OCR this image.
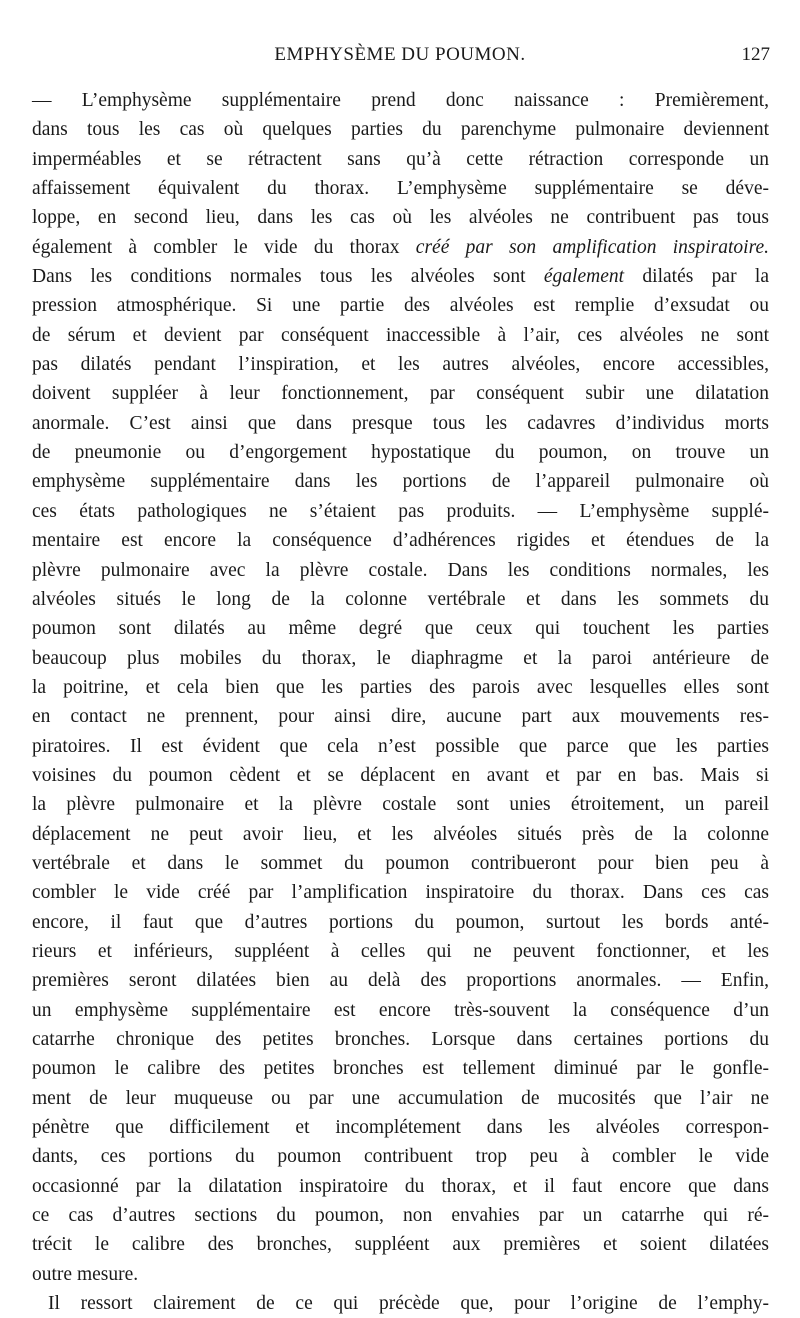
EMPHYSÈME DU POUMON.	127
— L’emphysème supplémentaire prend donc naissance : Premièrement,
dans tous les cas où quelques parties du parenchyme pulmonaire deviennent
imperméables et se rétractent sans qu’à cette rétraction corresponde un
affaissement équivalent du thorax. L’emphysème supplémentaire se déve-
loppe, en second lieu, dans les cas où les alvéoles ne contribuent pas tous
également à combler le vide du thorax créé par son amplification inspiratoire.
Dans les conditions normales tous les alvéoles sont également dilatés par la
pression atmosphérique. Si une partie des alvéoles est remplie d’exsudat ou
de sérum et devient par conséquent inaccessible à l’air, ces alvéoles ne sont
pas dilatés pendant l’inspiration, et les autres alvéoles, encore accessibles,
doivent suppléer à leur fonctionnement, par conséquent subir une dilatation
anormale. C’est ainsi que dans presque tous les cadavres d’individus morts
de pneumonie ou d’engorgement hypostatique du poumon, on trouve un
emphysème supplémentaire dans les portions de l’appareil pulmonaire où
ces états pathologiques ne s’étaient pas produits. — L’emphysème supplé-
mentaire est encore la conséquence d’adhérences rigides et étendues de la
plèvre pulmonaire avec la plèvre costale. Dans les conditions normales, les
alvéoles situés le long de la colonne vertébrale et dans les sommets du
poumon sont dilatés au même degré que ceux qui touchent les parties
beaucoup plus mobiles du thorax, le diaphragme et la paroi antérieure de
la poitrine, et cela bien que les parties des parois avec lesquelles elles sont
en contact ne prennent, pour ainsi dire, aucune part aux mouvements res-
piratoires. Il est évident que cela n’est possible que parce que les parties
voisines du poumon cèdent et se déplacent en avant et par en bas. Mais si
la plèvre pulmonaire et la plèvre costale sont unies étroitement, un pareil
déplacement ne peut avoir lieu, et les alvéoles situés près de la colonne
vertébrale et dans le sommet du poumon contribueront pour bien peu à
combler le vide créé par l’amplification inspiratoire du thorax. Dans ces cas
encore, il faut que d’autres portions du poumon, surtout les bords anté-
rieurs et inférieurs, suppléent à celles qui ne peuvent fonctionner, et les
premières seront dilatées bien au delà des proportions anormales. — Enfin,
un emphysème supplémentaire est encore très-souvent la conséquence d’un
catarrhe chronique des petites bronches. Lorsque dans certaines portions du
poumon le calibre des petites bronches est tellement diminué par le gonfle-
ment de leur muqueuse ou par une accumulation de mucosités que l’air ne
pénètre que difficilement et incomplétement dans les alvéoles correspon-
dants, ces portions du poumon contribuent trop peu à combler le vide
occasionné par la dilatation inspiratoire du thorax, et il faut encore que dans
ce cas d’autres sections du poumon, non envahies par un catarrhe qui ré-
trécit le calibre des bronches, suppléent aux premières et soient dilatées
outre mesure.
Il ressort clairement de ce qui précède que, pour l’origine de l’emphy-
